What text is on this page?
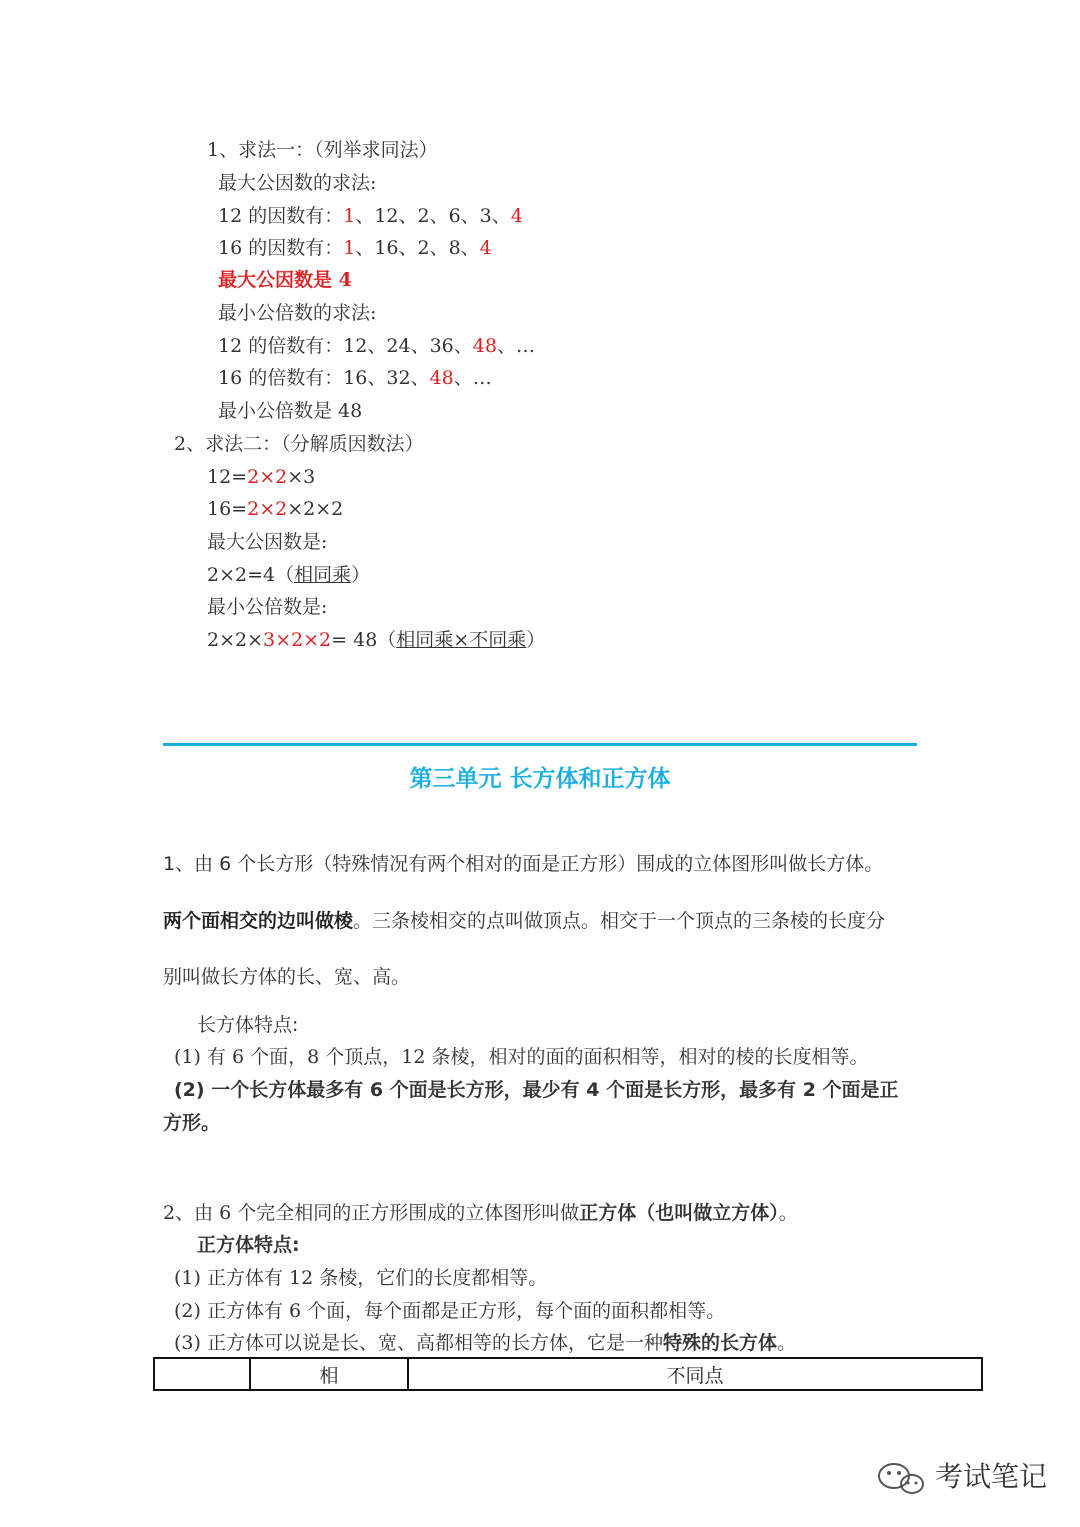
1、求法一：（列举求同法）
最大公因数的求法:
12 的因数有：1、12、2、6、3、4
16 的因数有：1、16、2、8、4
最大公因数是 4
最小公倍数的求法:
12 的倍数有：12、24、36、48、…
16 的倍数有：16、32、48、…
最小公倍数是 48
2、求法二：（分解质因数法）
12=2×2×3
16=2×2×2×2
最大公因数是:
2×2=4（相同乘）
最小公倍数是:
2×2×3×2×2= 48（相同乘×不同乘）
第三单元 长方体和正方体
1、由 6 个长方形（特殊情况有两个相对的面是正方形）围成的立体图形叫做长方体。
两个面相交的边叫做棱。三条棱相交的点叫做顶点。相交于一个顶点的三条棱的长度分
别叫做长方体的长、宽、高。
长方体特点:
(1) 有 6 个面，8 个顶点，12 条棱，相对的面的面积相等，相对的棱的长度相等。
(2) 一个长方体最多有 6 个面是长方形，最少有 4 个面是长方形，最多有 2 个面是正
方形。
2、由 6 个完全相同的正方形围成的立体图形叫做正方体（也叫做立方体）。
正方体特点:
(1) 正方体有 12 条棱，它们的长度都相等。
(2) 正方体有 6 个面，每个面都是正方形，每个面的面积都相等。
(3) 正方体可以说是长、宽、高都相等的长方体，它是一种特殊的长方体。
	相	不同点
考试笔记
